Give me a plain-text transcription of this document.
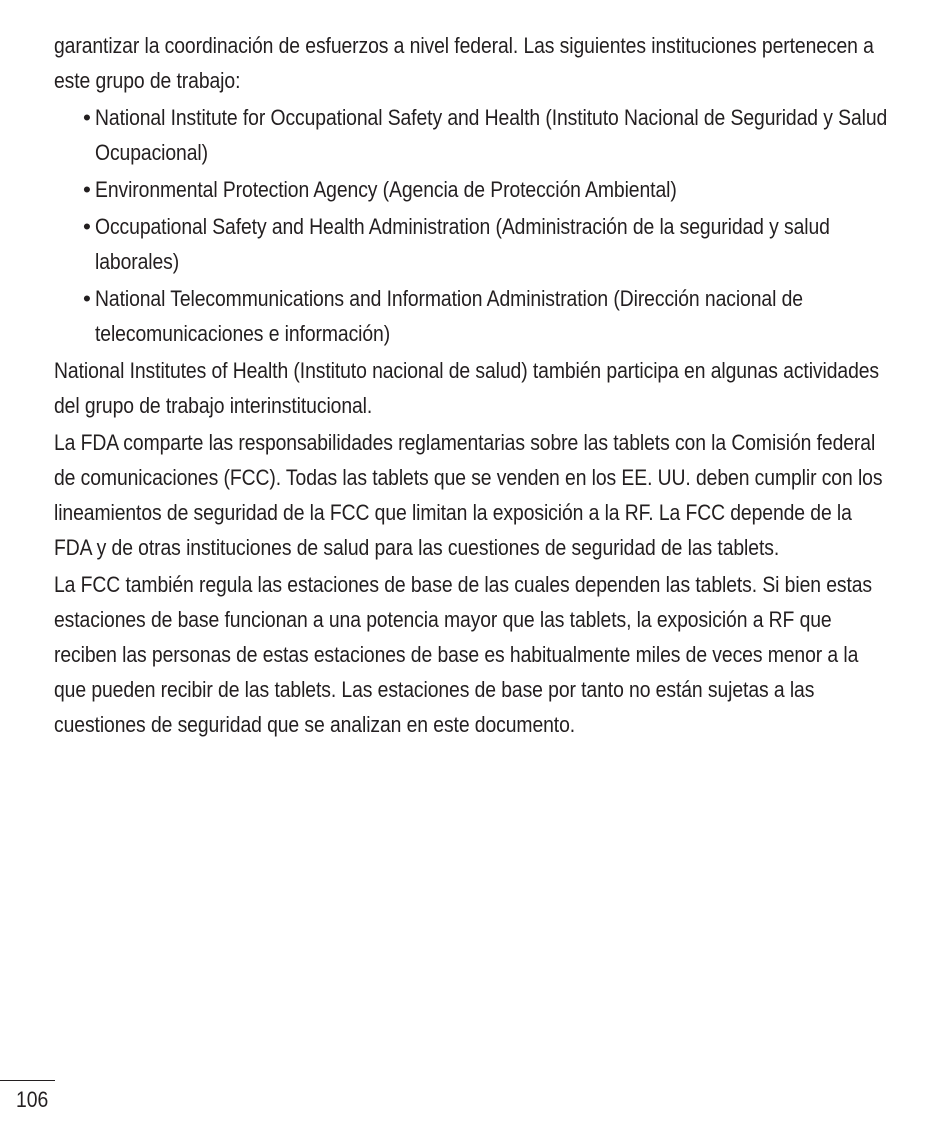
garantizar la coordinación de esfuerzos a nivel federal. Las siguientes instituciones pertenecen a este grupo de trabajo:

• National Institute for Occupational Safety and Health (Instituto Nacional de Seguridad y Salud Ocupacional)
• Environmental Protection Agency (Agencia de Protección Ambiental)
• Occupational Safety and Health Administration (Administración de la seguridad y salud laborales)
• National Telecommunications and Information Administration (Dirección nacional de telecomunicaciones e información)

National Institutes of Health (Instituto nacional de salud) también participa en algunas actividades del grupo de trabajo interinstitucional.

La FDA comparte las responsabilidades reglamentarias sobre las tablets con la Comisión federal de comunicaciones (FCC). Todas las tablets que se venden en los EE. UU. deben cumplir con los lineamientos de seguridad de la FCC que limitan la exposición a la RF. La FCC depende de la FDA y de otras instituciones de salud para las cuestiones de seguridad de las tablets.

La FCC también regula las estaciones de base de las cuales dependen las tablets. Si bien estas estaciones de base funcionan a una potencia mayor que las tablets, la exposición a RF que reciben las personas de estas estaciones de base es habitualmente miles de veces menor a la que pueden recibir de las tablets. Las estaciones de base por tanto no están sujetas a las cuestiones de seguridad que se analizan en este documento.

106
